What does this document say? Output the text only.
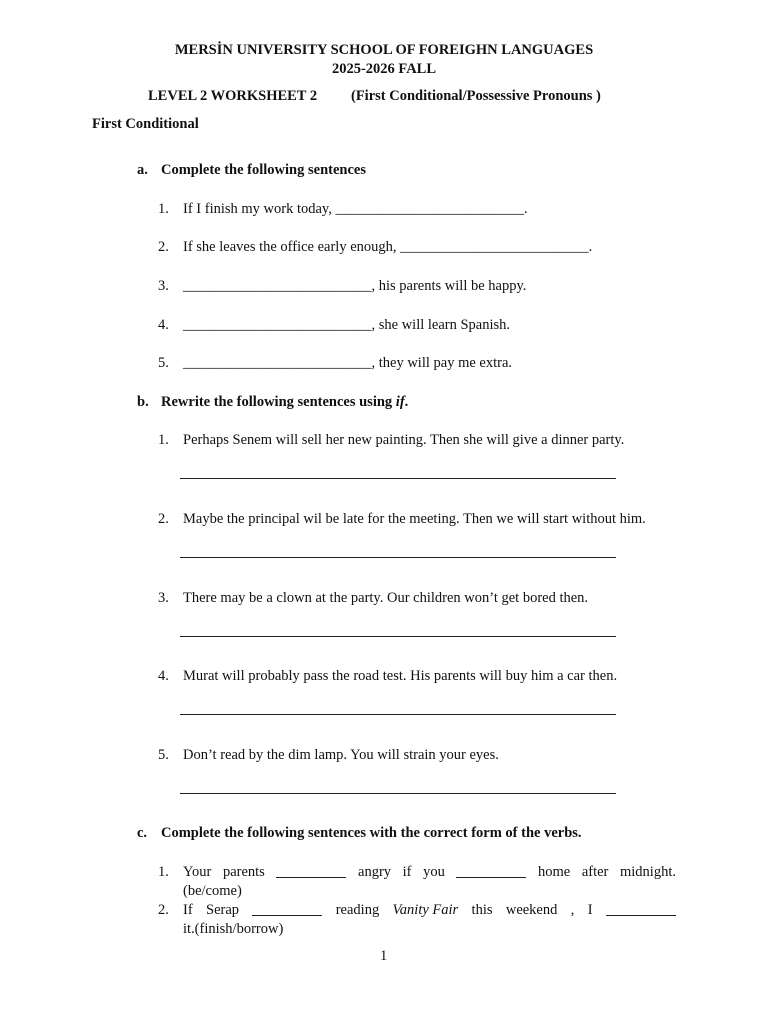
MERSİN UNIVERSITY SCHOOL OF FOREIGHN LANGUAGES
2025-2026 FALL
LEVEL 2 WORKSHEET 2 (First Conditional/Possessive Pronouns )
First Conditional
a. Complete the following sentences
1. If I finish my work today, __________________________.
2. If she leaves the office early enough, __________________________.
3. __________________________, his parents will be happy.
4. __________________________, she will learn Spanish.
5. __________________________, they will pay me extra.
b. Rewrite the following sentences using if.
1. Perhaps Senem will sell her new painting. Then she will give a dinner party.
2. Maybe the principal wil be late for the meeting. Then we will start without him.
3. There may be a clown at the party. Our children won’t get bored then.
4. Murat will probably pass the road test. His parents will buy him a car then.
5. Don’t read by the dim lamp. You will strain your eyes.
c. Complete the following sentences with the correct form of the verbs.
1. Your parents	angry if you	home after midnight.
(be/come)
2. If Serap	reading Vanity Fair this weekend , I
it.(finish/borrow)
1
